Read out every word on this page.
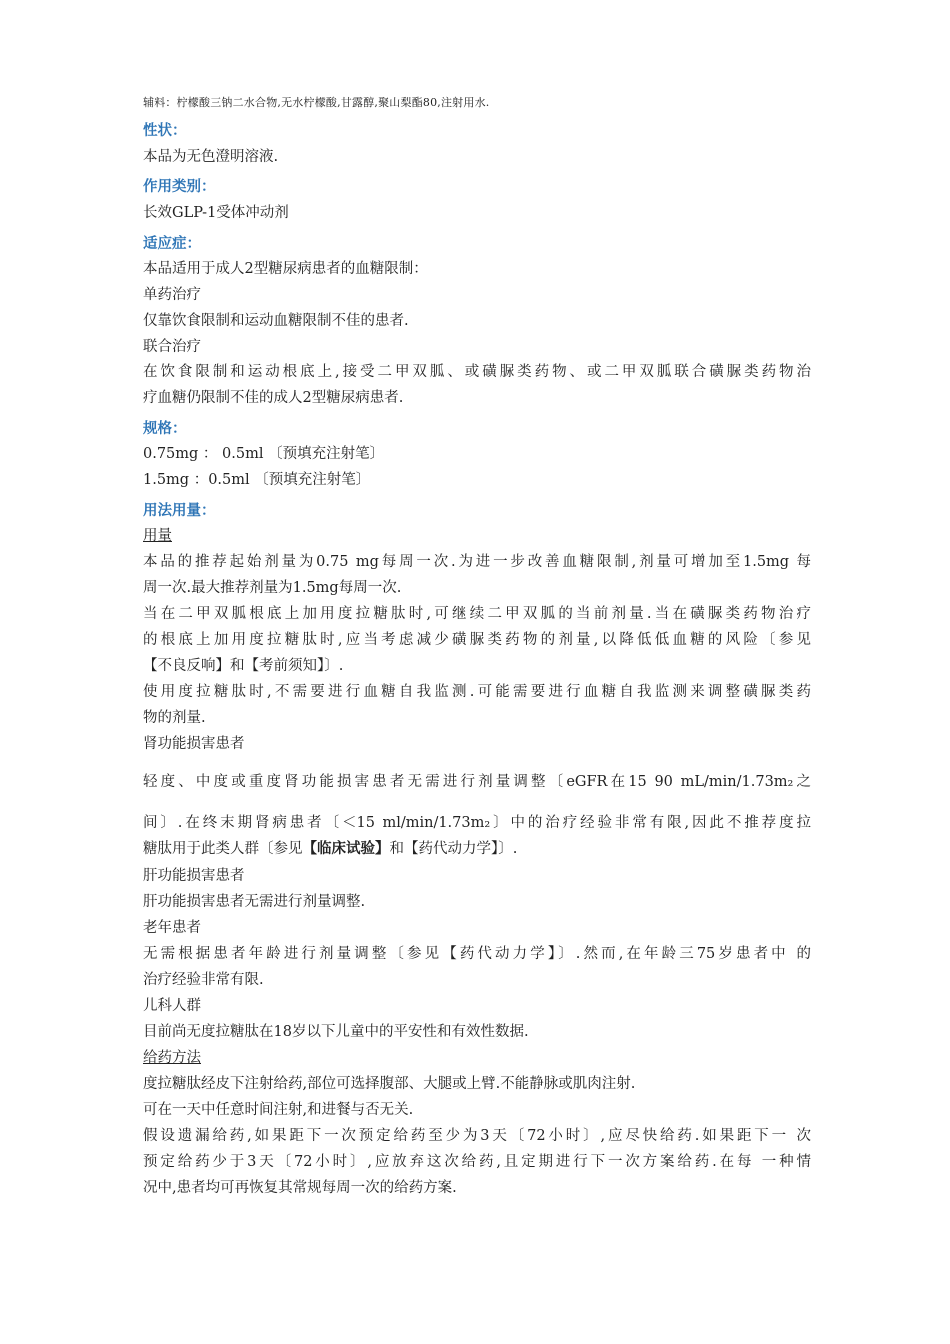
辅料：柠檬酸三钠二水合物,无水柠檬酸,甘露醇,聚山梨酯80,注射用水.
性状：
本品为无色澄明溶液.
作用类别：
长效GLP-1受体冲动剂
适应症：
本品适用于成人2型糖尿病患者的血糖限制：
单药治疗
仅靠饮食限制和运动血糖限制不佳的患者.
联合治疗
在饮食限制和运动根底上,接受二甲双胍、或磺脲类药物、或二甲双胍联合磺脲类药物治
疗血糖仍限制不佳的成人2型糖尿病患者.
规格：
0.75mg ： 0.5ml 〔预填充注射笔〕
1.5mg ：0.5ml 〔预填充注射笔〕
用法用量：
用量
本品的推荐起始剂量为0.75 mg每周一次.为进一步改善血糖限制,剂量可增加至1.5mg 每
周一次.最大推荐剂量为1.5mg每周一次.
当在二甲双胍根底上加用度拉糖肽时,可继续二甲双胍的当前剂量.当在磺脲类药物治疗
的根底上加用度拉糖肽时,应当考虑减少磺脲类药物的剂量,以降低低血糖的风险〔参见
【不良反响】和【考前须知】〕.
使用度拉糖肽时,不需要进行血糖自我监测.可能需要进行血糖自我监测来调整磺脲类药
物的剂量.
肾功能损害患者
轻度、中度或重度肾功能损害患者无需进行剂量调整〔eGFR在15 90 mL/min/1.73m₂之
间〕.在终末期肾病患者〔＜15 ml/min/1.73m₂〕中的治疗经验非常有限,因此不推荐度拉
糖肽用于此类人群〔参见【临床试验】和【药代动力学】〕.
肝功能损害患者
肝功能损害患者无需进行剂量调整.
老年患者
无需根据患者年龄进行剂量调整〔参见【药代动力学】〕.然而,在年龄三75岁患者中 的
治疗经验非常有限.
儿科人群
目前尚无度拉糖肽在18岁以下儿童中的平安性和有效性数据.
给药方法
度拉糖肽经皮下注射给药,部位可选择腹部、大腿或上臂.不能静脉或肌肉注射.
可在一天中任意时间注射,和进餐与否无关.
假设遗漏给药,如果距下一次预定给药至少为3天〔72小时〕,应尽快给药.如果距下一 次
预定给药少于3天〔72小时〕,应放弃这次给药,且定期进行下一次方案给药.在每 一种情
况中,患者均可再恢复其常规每周一次的给药方案.
